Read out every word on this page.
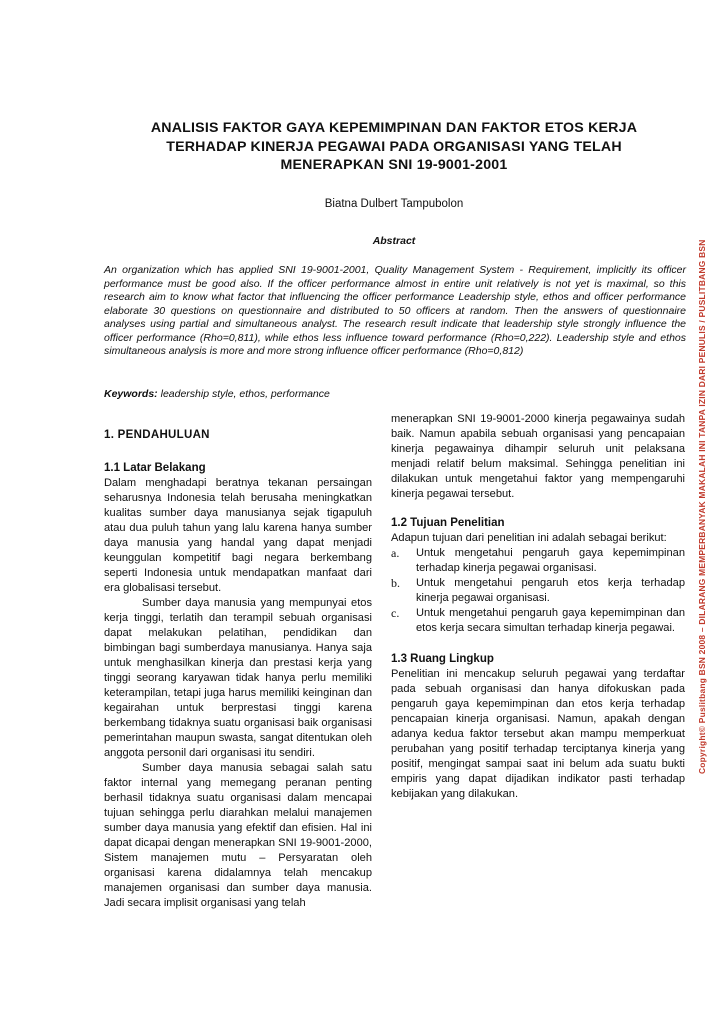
ANALISIS FAKTOR GAYA KEPEMIMPINAN DAN FAKTOR ETOS KERJA
TERHADAP KINERJA PEGAWAI PADA ORGANISASI YANG TELAH
MENERAPKAN SNI 19-9001-2001
Biatna Dulbert Tampubolon
Abstract
An organization which has applied SNI 19-9001-2001, Quality Management System - Requirement, implicitly its officer performance must be good also. If the officer performance almost in entire unit relatively is not yet is maximal, so this research aim to know what factor that influencing the officer performance Leadership style, ethos and officer performance elaborate 30 questions on questionnaire and distributed to 50 officers at random. Then the answers of questionnaire analyses using partial and simultaneous analyst. The research result indicate that leadership style strongly influence the officer performance (Rho=0,811), while ethos less influence toward performance (Rho=0,222). Leadership style and ethos simultaneous analysis is more and more strong influence officer performance (Rho=0,812)
Keywords: leadership style, ethos, performance
1. PENDAHULUAN
1.1 Latar Belakang

Dalam menghadapi beratnya tekanan persaingan seharusnya Indonesia telah berusaha meningkatkan kualitas sumber daya manusianya sejak tigapuluh atau dua puluh tahun yang lalu karena hanya sumber daya manusia yang handal yang dapat menjadi keunggulan kompetitif bagi negara berkembang seperti Indonesia untuk mendapatkan manfaat dari era globalisasi tersebut.

Sumber daya manusia yang mempunyai etos kerja tinggi, terlatih dan terampil sebuah organisasi dapat melakukan pelatihan, pendidikan dan bimbingan bagi sumberdaya manusianya. Hanya saja untuk menghasilkan kinerja dan prestasi kerja yang tinggi seorang karyawan tidak hanya perlu memiliki keterampilan, tetapi juga harus memiliki keinginan dan kegairahan untuk berprestasi tinggi karena berkembang tidaknya suatu organisasi baik organisasi pemerintahan maupun swasta, sangat ditentukan oleh anggota personil dari organisasi itu sendiri.

Sumber daya manusia sebagai salah satu faktor internal yang memegang peranan penting berhasil tidaknya suatu organisasi dalam mencapai tujuan sehingga perlu diarahkan melalui manajemen sumber daya manusia yang efektif dan efisien. Hal ini dapat dicapai dengan menerapkan SNI 19-9001-2000, Sistem manajemen mutu – Persyaratan oleh organisasi karena didalamnya telah mencakup manajemen organisasi dan sumber daya manusia. Jadi secara implisit organisasi yang telah

menerapkan SNI 19-9001-2000 kinerja pegawainya sudah baik. Namun apabila sebuah organisasi yang pencapaian kinerja pegawainya dihampir seluruh unit pelaksana menjadi relatif belum maksimal. Sehingga penelitian ini dilakukan untuk mengetahui faktor yang mempengaruhi kinerja pegawai tersebut.

1.2 Tujuan Penelitian

Adapun tujuan dari penelitian ini adalah sebagai berikut:

a. Untuk mengetahui pengaruh gaya kepemimpinan terhadap kinerja pegawai organisasi.
b. Untuk mengetahui pengaruh etos kerja terhadap kinerja pegawai organisasi.
c. Untuk mengetahui pengaruh gaya kepemimpinan dan etos kerja secara simultan terhadap kinerja pegawai.
1.3 Ruang Lingkup

Penelitian ini mencakup seluruh pegawai yang terdaftar pada sebuah organisasi dan hanya difokuskan pada pengaruh gaya kepemimpinan dan etos kerja terhadap pencapaian kinerja organisasi. Namun, apakah dengan adanya kedua faktor tersebut akan mampu memperkuat perubahan yang positif terhadap terciptanya kinerja yang positif, mengingat sampai saat ini belum ada suatu bukti empiris yang dapat dijadikan indikator pasti terhadap kebijakan yang dilakukan.

Copyright© Puslitbang BSN 2008 – DILARANG MEMPERBANYAK MAKALAH INI TANPA IZIN DARI PENULIS / PUSLITBANG BSN
